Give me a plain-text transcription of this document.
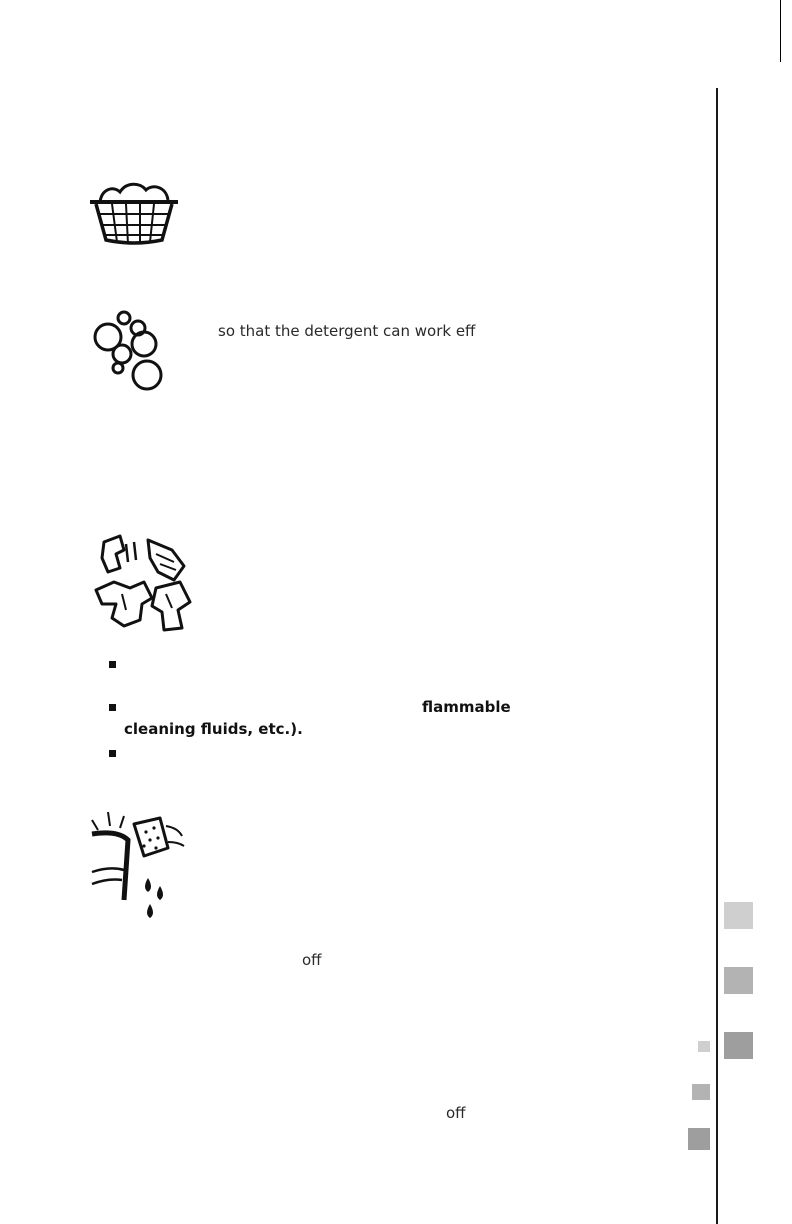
so that the detergent can work eff
flammable
cleaning fluids, etc.).
off
off
